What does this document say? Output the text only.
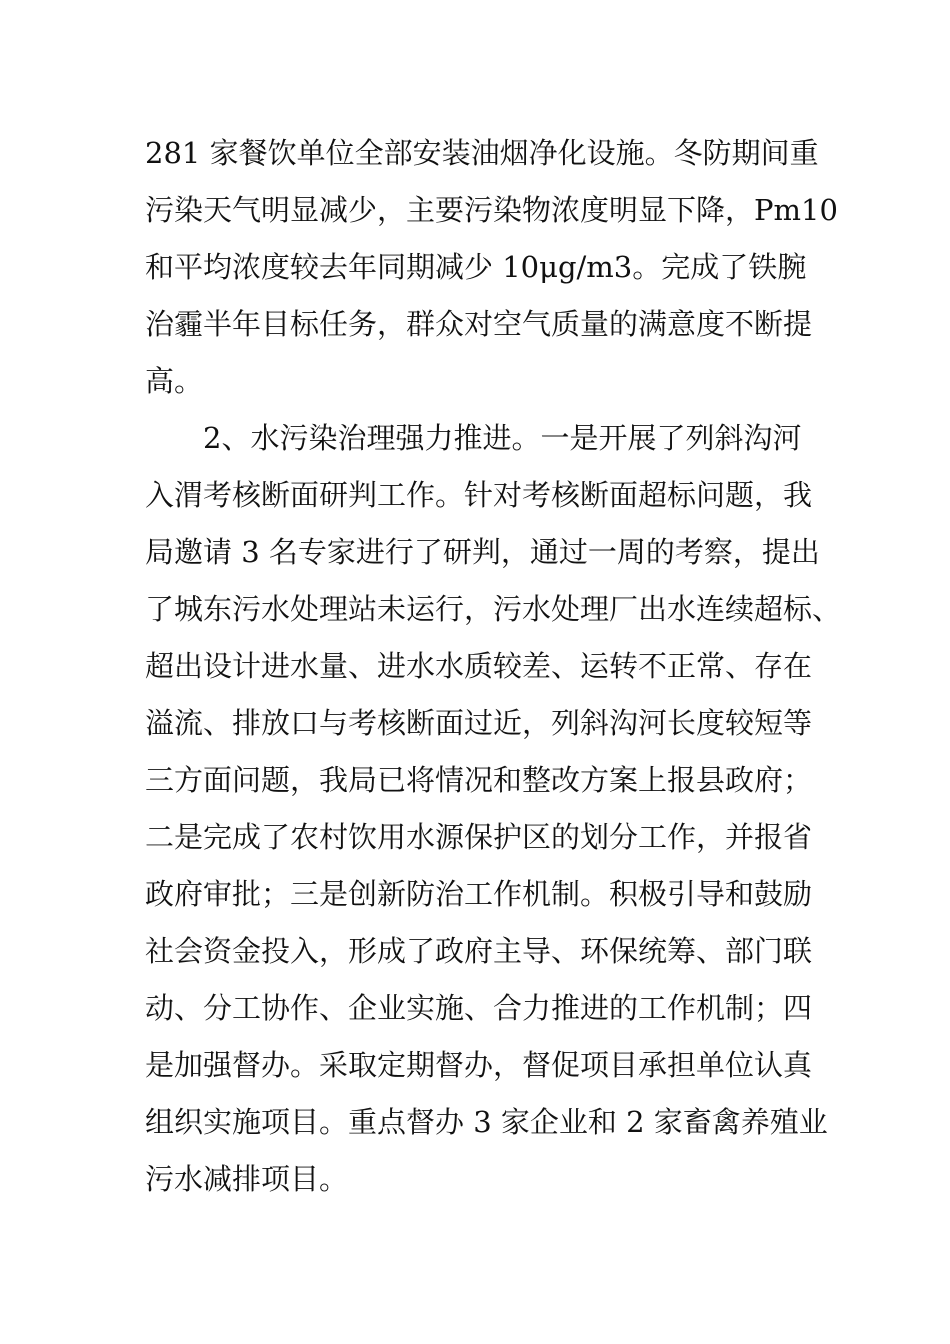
281 家餐饮单位全部安装油烟净化设施。冬防期间重
污染天气明显减少，主要污染物浓度明显下降，Pm10
和平均浓度较去年同期减少 10μg/m3。完成了铁腕
治霾半年目标任务，群众对空气质量的满意度不断提
高。
2、水污染治理强力推进。一是开展了列斜沟河
入渭考核断面研判工作。针对考核断面超标问题，我
局邀请 3 名专家进行了研判，通过一周的考察，提出
了城东污水处理站未运行，污水处理厂出水连续超标、
超出设计进水量、进水水质较差、运转不正常、存在
溢流、排放口与考核断面过近，列斜沟河长度较短等
三方面问题，我局已将情况和整改方案上报县政府；
二是完成了农村饮用水源保护区的划分工作，并报省
政府审批；三是创新防治工作机制。积极引导和鼓励
社会资金投入，形成了政府主导、环保统筹、部门联
动、分工协作、企业实施、合力推进的工作机制；四
是加强督办。采取定期督办，督促项目承担单位认真
组织实施项目。重点督办 3 家企业和 2 家畜禽养殖业
污水减排项目。
